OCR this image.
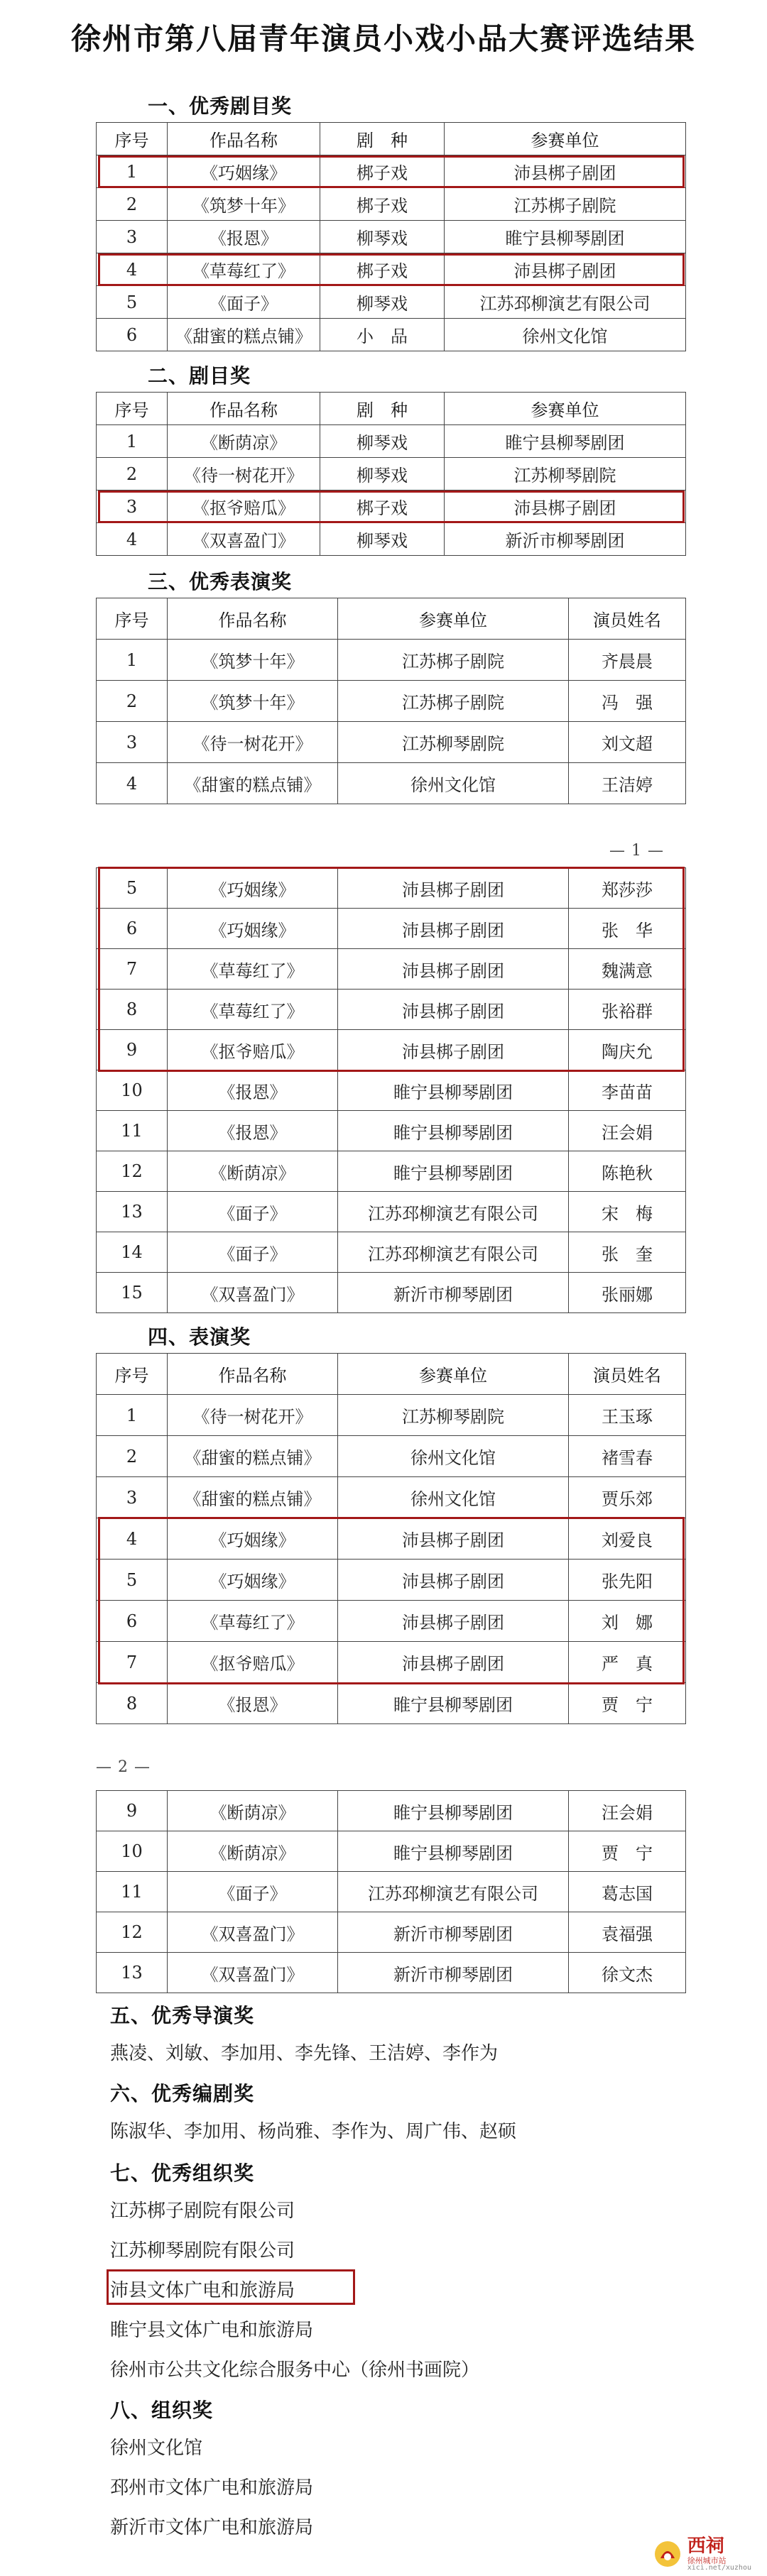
徐州市第八届青年演员小戏小品大赛评选结果
一、优秀剧目奖
序号	作品名称	剧　种	参赛单位
1	《巧姻缘》	梆子戏	沛县梆子剧团
2	《筑梦十年》	梆子戏	江苏梆子剧院
3	《报恩》	柳琴戏	睢宁县柳琴剧团
4	《草莓红了》	梆子戏	沛县梆子剧团
5	《面子》	柳琴戏	江苏邳柳演艺有限公司
6	《甜蜜的糕点铺》	小　品	徐州文化馆
二、剧目奖
序号	作品名称	剧　种	参赛单位
1	《断荫凉》	柳琴戏	睢宁县柳琴剧团
2	《待一树花开》	柳琴戏	江苏柳琴剧院
3	《抠爷赔瓜》	梆子戏	沛县梆子剧团
4	《双喜盈门》	柳琴戏	新沂市柳琴剧团
三、优秀表演奖
序号	作品名称	参赛单位	演员姓名
1	《筑梦十年》	江苏梆子剧院	齐晨晨
2	《筑梦十年》	江苏梆子剧院	冯　强
3	《待一树花开》	江苏柳琴剧院	刘文超
4	《甜蜜的糕点铺》	徐州文化馆	王洁婷
— 1 —
5	《巧姻缘》	沛县梆子剧团	郑莎莎
6	《巧姻缘》	沛县梆子剧团	张　华
7	《草莓红了》	沛县梆子剧团	魏满意
8	《草莓红了》	沛县梆子剧团	张裕群
9	《抠爷赔瓜》	沛县梆子剧团	陶庆允
10	《报恩》	睢宁县柳琴剧团	李苗苗
11	《报恩》	睢宁县柳琴剧团	汪会娟
12	《断荫凉》	睢宁县柳琴剧团	陈艳秋
13	《面子》	江苏邳柳演艺有限公司	宋　梅
14	《面子》	江苏邳柳演艺有限公司	张　奎
15	《双喜盈门》	新沂市柳琴剧团	张丽娜
四、表演奖
序号	作品名称	参赛单位	演员姓名
1	《待一树花开》	江苏柳琴剧院	王玉琢
2	《甜蜜的糕点铺》	徐州文化馆	褚雪春
3	《甜蜜的糕点铺》	徐州文化馆	贾乐郊
4	《巧姻缘》	沛县梆子剧团	刘爱良
5	《巧姻缘》	沛县梆子剧团	张先阳
6	《草莓红了》	沛县梆子剧团	刘　娜
7	《抠爷赔瓜》	沛县梆子剧团	严　真
8	《报恩》	睢宁县柳琴剧团	贾　宁
— 2 —
9	《断荫凉》	睢宁县柳琴剧团	汪会娟
10	《断荫凉》	睢宁县柳琴剧团	贾　宁
11	《面子》	江苏邳柳演艺有限公司	葛志国
12	《双喜盈门》	新沂市柳琴剧团	袁福强
13	《双喜盈门》	新沂市柳琴剧团	徐文杰
五、优秀导演奖
燕凌、刘敏、李加用、李先锋、王洁婷、李作为
六、优秀编剧奖
陈淑华、李加用、杨尚雅、李作为、周广伟、赵硕
七、优秀组织奖
江苏梆子剧院有限公司
江苏柳琴剧院有限公司
沛县文体广电和旅游局
睢宁县文体广电和旅游局
徐州市公共文化综合服务中心（徐州书画院）
八、组织奖
徐州文化馆
邳州市文体广电和旅游局
新沂市文体广电和旅游局
西祠
徐州城市站
xici.net/xuzhou
